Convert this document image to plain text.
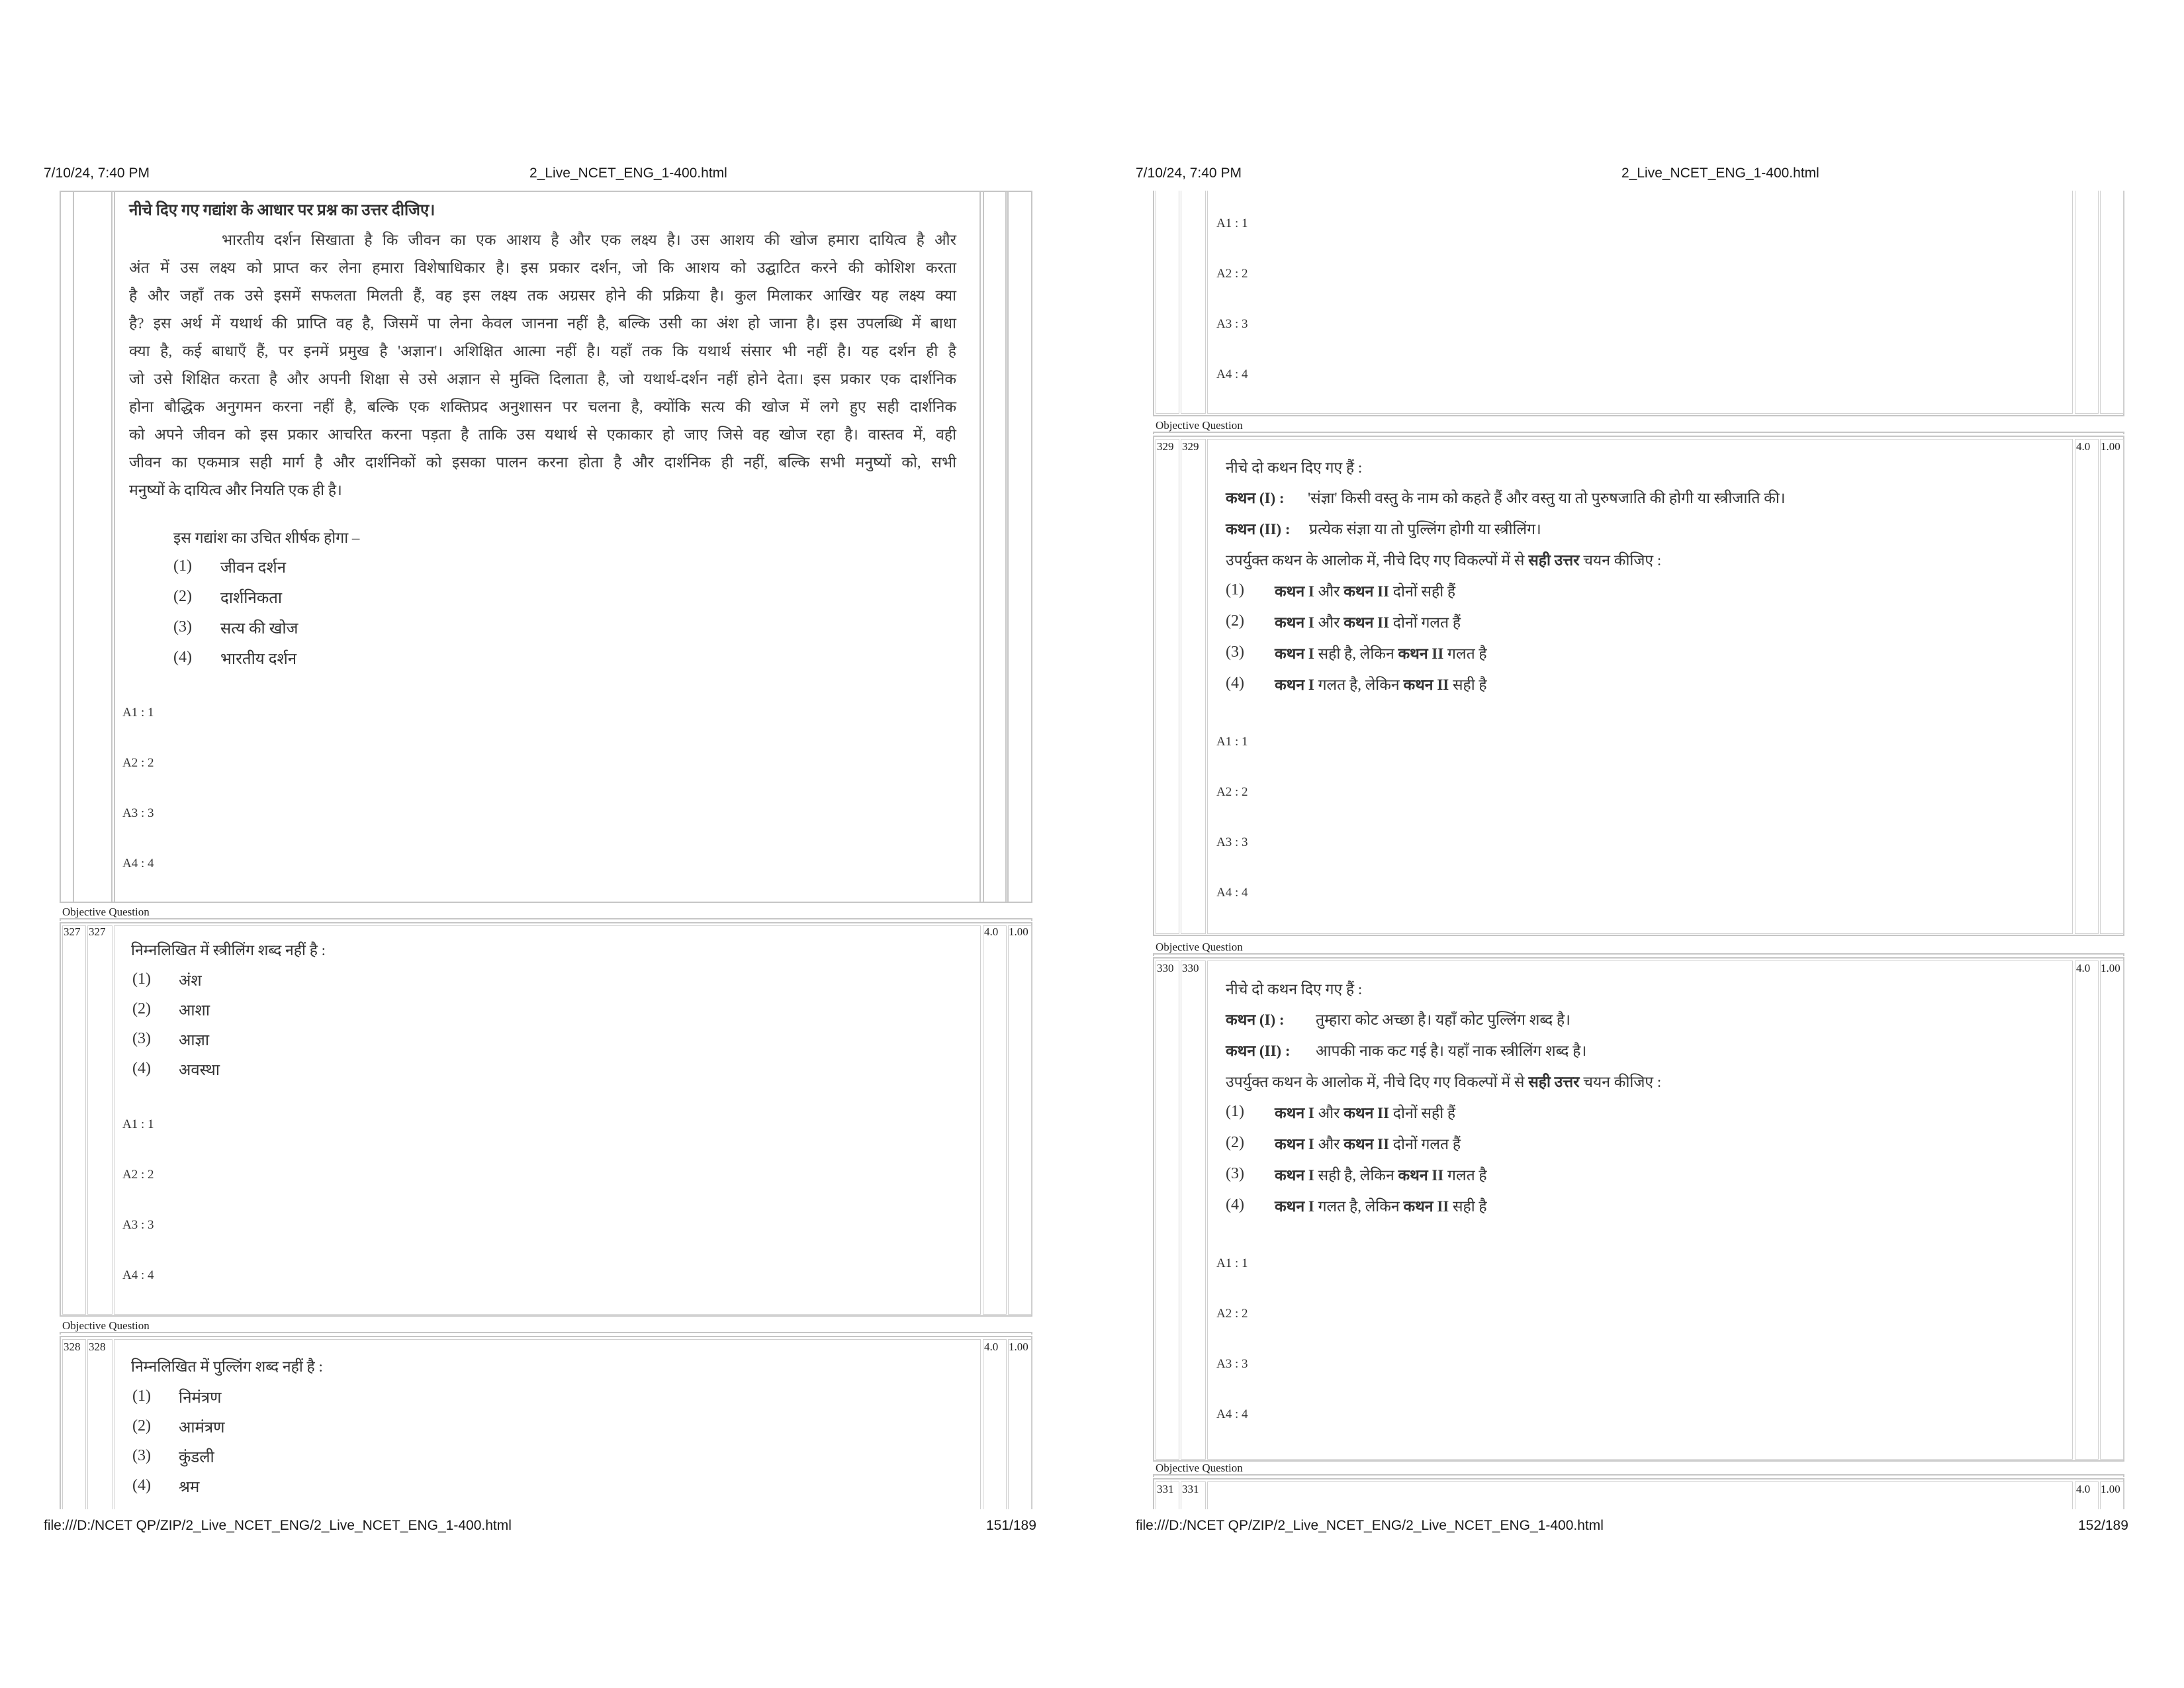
7/10/24, 7:40 PM	2_Live_NCET_ENG_1-400.html
नीचे दिए गए गद्यांश के आधार पर प्रश्न का उत्तर दीजिए।
भारतीय दर्शन सिखाता है कि जीवन का एक आशय है और एक लक्ष्य है। उस आशय की खोज हमारा दायित्व है और
अंत में उस लक्ष्य को प्राप्त कर लेना हमारा विशेषाधिकार है। इस प्रकार दर्शन, जो कि आशय को उद्घाटित करने की कोशिश करता
है और जहाँ तक उसे इसमें सफलता मिलती हैं, वह इस लक्ष्य तक अग्रसर होने की प्रक्रिया है। कुल मिलाकर आखिर यह लक्ष्य क्या
है? इस अर्थ में यथार्थ की प्राप्ति वह है, जिसमें पा लेना केवल जानना नहीं है, बल्कि उसी का अंश हो जाना है। इस उपलब्धि में बाधा
क्या है, कई बाधाएँ हैं, पर इनमें प्रमुख है 'अज्ञान'। अशिक्षित आत्मा नहीं है। यहाँ तक कि यथार्थ संसार भी नहीं है। यह दर्शन ही है
जो उसे शिक्षित करता है और अपनी शिक्षा से उसे अज्ञान से मुक्ति दिलाता है, जो यथार्थ-दर्शन नहीं होने देता। इस प्रकार एक दार्शनिक
होना बौद्धिक अनुगमन करना नहीं है, बल्कि एक शक्तिप्रद अनुशासन पर चलना है, क्योंकि सत्य की खोज में लगे हुए सही दार्शनिक
को अपने जीवन को इस प्रकार आचरित करना पड़ता है ताकि उस यथार्थ से एकाकार हो जाए जिसे वह खोज रहा है। वास्तव में, वही
जीवन का एकमात्र सही मार्ग है और दार्शनिकों को इसका पालन करना होता है और दार्शनिक ही नहीं, बल्कि सभी मनुष्यों को, सभी
मनुष्यों के दायित्व और नियति एक ही है।
इस गद्यांश का उचित शीर्षक होगा –
(1) जीवन दर्शन
(2) दार्शनिकता
(3) सत्य की खोज
(4) भारतीय दर्शन
A1 : 1
A2 : 2
A3 : 3
A4 : 4
Objective Question
327 327	4.0 1.00
निम्नलिखित में स्त्रीलिंग शब्द नहीं है :
(1) अंश
(2) आशा
(3) आज्ञा
(4) अवस्था
A1 : 1
A2 : 2
A3 : 3
A4 : 4
Objective Question
328 328	4.0 1.00
निम्नलिखित में पुल्लिंग शब्द नहीं है :
(1) निमंत्रण
(2) आमंत्रण
(3) कुंडली
(4) श्रम
file:///D:/NCET QP/ZIP/2_Live_NCET_ENG/2_Live_NCET_ENG_1-400.html	151/189
7/10/24, 7:40 PM	2_Live_NCET_ENG_1-400.html
A1 : 1
A2 : 2
A3 : 3
A4 : 4
Objective Question
329 329	4.0 1.00
नीचे दो कथन दिए गए हैं :
कथन (I) : 'संज्ञा' किसी वस्तु के नाम को कहते हैं और वस्तु या तो पुरुषजाति की होगी या स्त्रीजाति की।
कथन (II) : प्रत्येक संज्ञा या तो पुल्लिंग होगी या स्त्रीलिंग।
उपर्युक्त कथन के आलोक में, नीचे दिए गए विकल्पों में से सही उत्तर चयन कीजिए :
(1) कथन I और कथन II दोनों सही हैं
(2) कथन I और कथन II दोनों गलत हैं
(3) कथन I सही है, लेकिन कथन II गलत है
(4) कथन I गलत है, लेकिन कथन II सही है
A1 : 1
A2 : 2
A3 : 3
A4 : 4
Objective Question
330 330	4.0 1.00
नीचे दो कथन दिए गए हैं :
कथन (I) : तुम्हारा कोट अच्छा है। यहाँ कोट पुल्लिंग शब्द है।
कथन (II) : आपकी नाक कट गई है। यहाँ नाक स्त्रीलिंग शब्द है।
उपर्युक्त कथन के आलोक में, नीचे दिए गए विकल्पों में से सही उत्तर चयन कीजिए :
(1) कथन I और कथन II दोनों सही हैं
(2) कथन I और कथन II दोनों गलत हैं
(3) कथन I सही है, लेकिन कथन II गलत है
(4) कथन I गलत है, लेकिन कथन II सही है
A1 : 1
A2 : 2
A3 : 3
A4 : 4
Objective Question
331 331	4.0 1.00
file:///D:/NCET QP/ZIP/2_Live_NCET_ENG/2_Live_NCET_ENG_1-400.html	152/189
